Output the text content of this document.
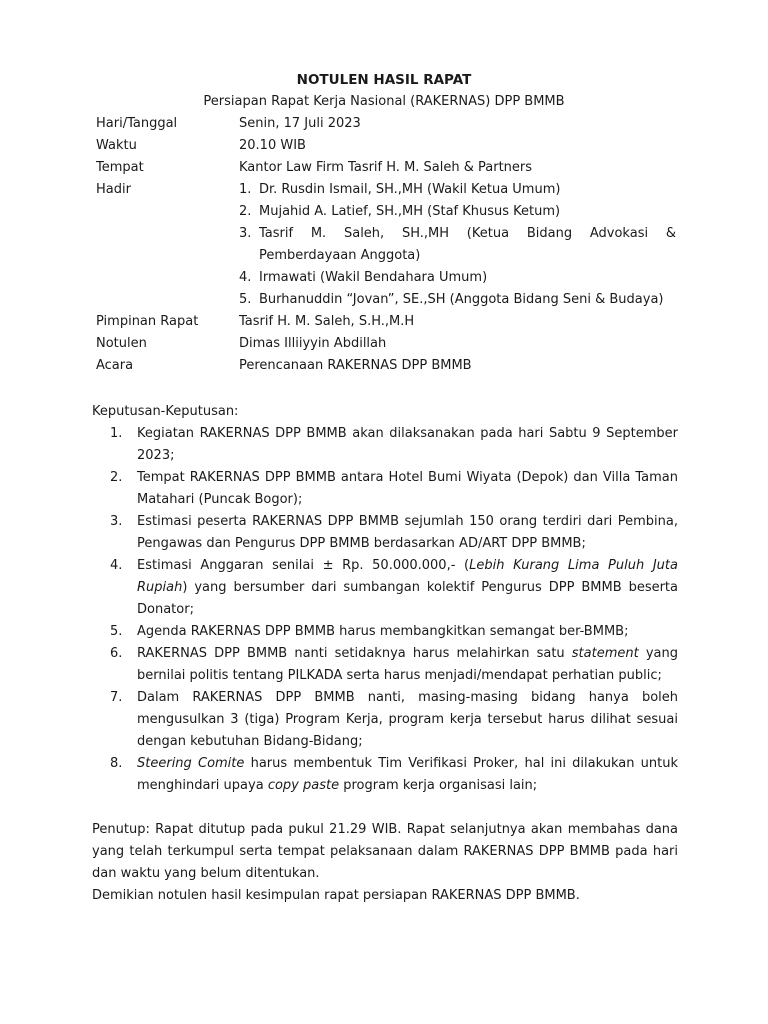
NOTULEN HASIL RAPAT
Persiapan Rapat Kerja Nasional (RAKERNAS) DPP BMMB
Hari/Tanggal	Senin, 17 Juli 2023
Waktu	20.10 WIB
Tempat	Kantor Law Firm Tasrif H. M. Saleh & Partners
Hadir	1. Dr. Rusdin Ismail, SH.,MH (Wakil Ketua Umum)
2. Mujahid A. Latief, SH.,MH (Staf Khusus Ketum)
3. Tasrif M. Saleh, SH.,MH (Ketua Bidang Advokasi & Pemberdayaan Anggota)
4. Irmawati (Wakil Bendahara Umum)
5. Burhanuddin “Jovan”, SE.,SH (Anggota Bidang Seni & Budaya)
Pimpinan Rapat	Tasrif H. M. Saleh, S.H.,M.H
Notulen	Dimas Illiiyyin Abdillah
Acara	Perencanaan RAKERNAS DPP BMMB
Keputusan-Keputusan:
1. Kegiatan RAKERNAS DPP BMMB akan dilaksanakan pada hari Sabtu 9 September 2023;
2. Tempat RAKERNAS DPP BMMB antara Hotel Bumi Wiyata (Depok) dan Villa Taman Matahari (Puncak Bogor);
3. Estimasi peserta RAKERNAS DPP BMMB sejumlah 150 orang terdiri dari Pembina, Pengawas dan Pengurus DPP BMMB berdasarkan AD/ART DPP BMMB;
4. Estimasi Anggaran senilai ± Rp. 50.000.000,- (Lebih Kurang Lima Puluh Juta Rupiah) yang bersumber dari sumbangan kolektif Pengurus DPP BMMB beserta Donator;
5. Agenda RAKERNAS DPP BMMB harus membangkitkan semangat ber-BMMB;
6. RAKERNAS DPP BMMB nanti setidaknya harus melahirkan satu statement yang bernilai politis tentang PILKADA serta harus menjadi/mendapat perhatian public;
7. Dalam RAKERNAS DPP BMMB nanti, masing-masing bidang hanya boleh mengusulkan 3 (tiga) Program Kerja, program kerja tersebut harus dilihat sesuai dengan kebutuhan Bidang-Bidang;
8. Steering Comite harus membentuk Tim Verifikasi Proker, hal ini dilakukan untuk menghindari upaya copy paste program kerja organisasi lain;

Penutup: Rapat ditutup pada pukul 21.29 WIB. Rapat selanjutnya akan membahas dana yang telah terkumpul serta tempat pelaksanaan dalam RAKERNAS DPP BMMB pada hari dan waktu yang belum ditentukan.

Demikian notulen hasil kesimpulan rapat persiapan RAKERNAS DPP BMMB.
